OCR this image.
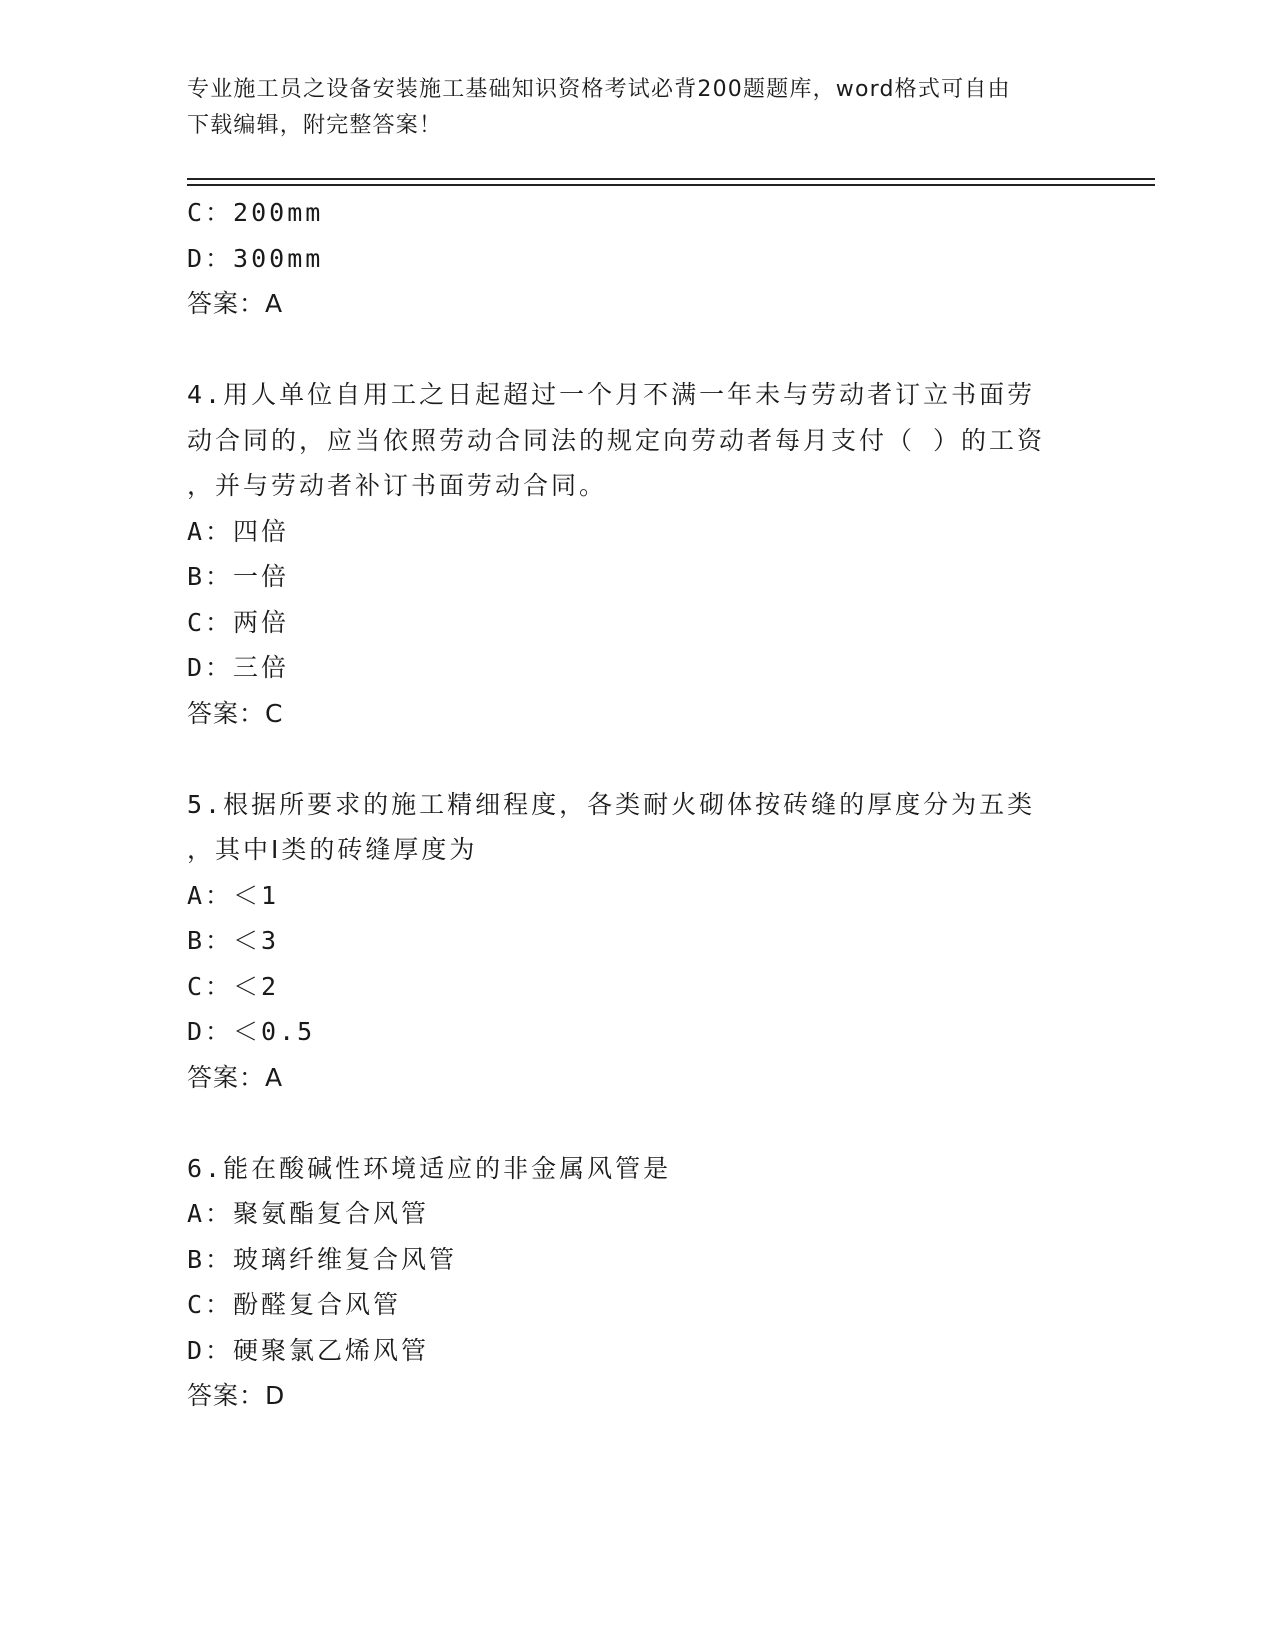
专业施工员之设备安装施工基础知识资格考试必背200题题库，word格式可自由
下载编辑，附完整答案！
C：200mm
D：300mm
答案：A
4.用人单位自用工之日起超过一个月不满一年未与劳动者订立书面劳
动合同的，应当依照劳动合同法的规定向劳动者每月支付（ ）的工资
，并与劳动者补订书面劳动合同。
A：四倍
B：一倍
C：两倍
D：三倍
答案：C
5.根据所要求的施工精细程度，各类耐火砌体按砖缝的厚度分为五类
，其中Ⅰ类的砖缝厚度为
A：＜1
B：＜3
C：＜2
D：＜0.5
答案：A
6.能在酸碱性环境适应的非金属风管是
A：聚氨酯复合风管
B：玻璃纤维复合风管
C：酚醛复合风管
D：硬聚氯乙烯风管
答案：D
